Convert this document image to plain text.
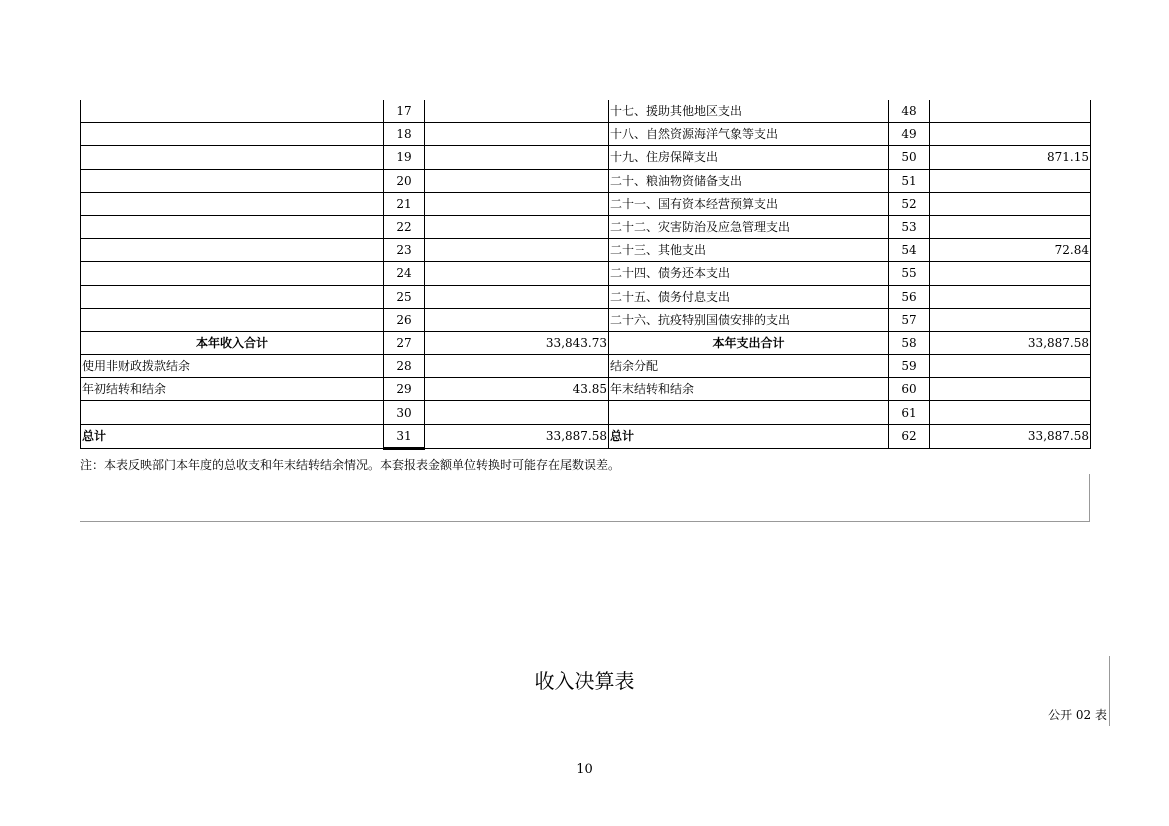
	17		十七、援助其他地区支出	48	
	18		十八、自然资源海洋气象等支出	49	
	19		十九、住房保障支出	50	871.15
	20		二十、粮油物资储备支出	51	
	21		二十一、国有资本经营预算支出	52	
	22		二十二、灾害防治及应急管理支出	53	
	23		二十三、其他支出	54	72.84
	24		二十四、债务还本支出	55	
	25		二十五、债务付息支出	56	
	26		二十六、抗疫特别国债安排的支出	57	
本年收入合计	27	33,843.73	本年支出合计	58	33,887.58
使用非财政拨款结余	28		结余分配	59	
年初结转和结余	29	43.85	年末结转和结余	60	
	30			61	
总计	31	33,887.58	总计	62	33,887.58
注：本表反映部门本年度的总收支和年末结转结余情况。本套报表金额单位转换时可能存在尾数误差。
收入决算表
公开 02 表
10
